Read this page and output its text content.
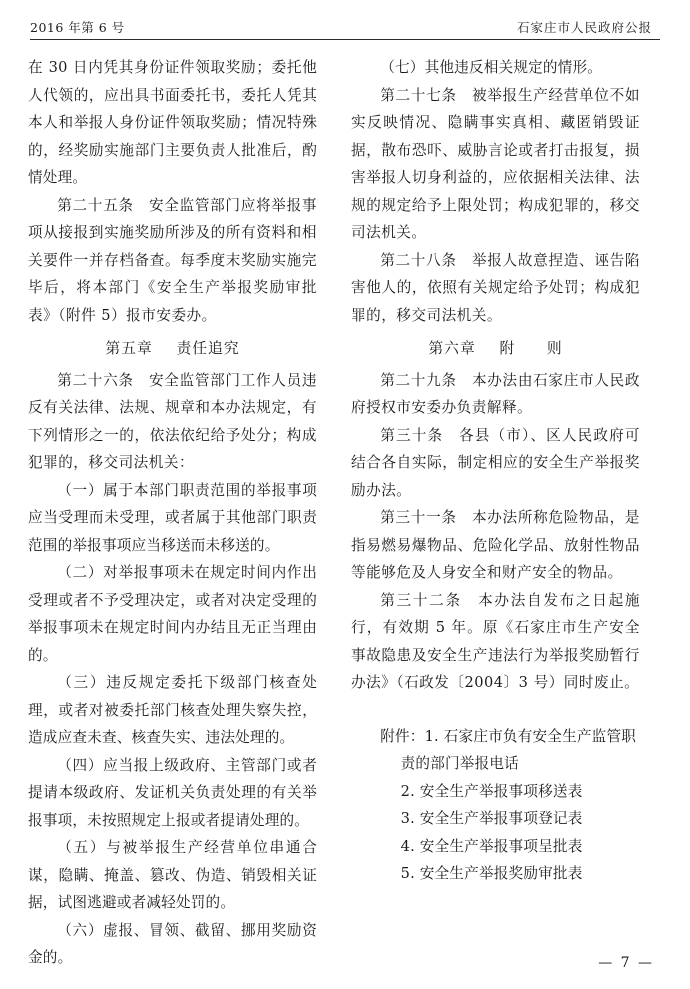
2016 年第 6 号	石家庄市人民政府公报

在 30 日内凭其身份证件领取奖励；委托他人代领的，应出具书面委托书，委托人凭其本人和举报人身份证件领取奖励；情况特殊的，经奖励实施部门主要负责人批准后，酌情处理。

第二十五条　安全监管部门应将举报事项从接报到实施奖励所涉及的所有资料和相关要件一并存档备查。每季度末奖励实施完毕后，将本部门《安全生产举报奖励审批表》（附件 5）报市安委办。

第五章 责任追究

第二十六条　安全监管部门工作人员违反有关法律、法规、规章和本办法规定，有下列情形之一的，依法依纪给予处分；构成犯罪的，移交司法机关：

（一）属于本部门职责范围的举报事项应当受理而未受理，或者属于其他部门职责范围的举报事项应当移送而未移送的。

（二）对举报事项未在规定时间内作出受理或者不予受理决定，或者对决定受理的举报事项未在规定时间内办结且无正当理由的。

（三）违反规定委托下级部门核查处理，或者对被委托部门核查处理失察失控，造成应查未查、核查失实、违法处理的。

（四）应当报上级政府、主管部门或者提请本级政府、发证机关负责处理的有关举报事项，未按照规定上报或者提请处理的。

（五）与被举报生产经营单位串通合谋，隐瞒、掩盖、篡改、伪造、销毁相关证据，试图逃避或者减轻处罚的。

（六）虚报、冒领、截留、挪用奖励资金的。

（七）其他违反相关规定的情形。

第二十七条　被举报生产经营单位不如实反映情况、隐瞒事实真相、藏匿销毁证据，散布恐吓、威胁言论或者打击报复，损害举报人切身利益的，应依据相关法律、法规的规定给予上限处罚；构成犯罪的，移交司法机关。

第二十八条　举报人故意捏造、诬告陷害他人的，依照有关规定给予处罚；构成犯罪的，移交司法机关。

第六章 附　　则

第二十九条　本办法由石家庄市人民政府授权市安委办负责解释。

第三十条　各县（市）、区人民政府可结合各自实际，制定相应的安全生产举报奖励办法。

第三十一条　本办法所称危险物品，是指易燃易爆物品、危险化学品、放射性物品等能够危及人身安全和财产安全的物品。

第三十二条　本办法自发布之日起施行，有效期 5 年。原《石家庄市生产安全事故隐患及安全生产违法行为举报奖励暂行办法》（石政发〔2004〕3 号）同时废止。

附件：1. 石家庄市负有安全生产监管职

责的部门举报电话

2. 安全生产举报事项移送表

3. 安全生产举报事项登记表

4. 安全生产举报事项呈批表

5. 安全生产举报奖励审批表

— 7 —
